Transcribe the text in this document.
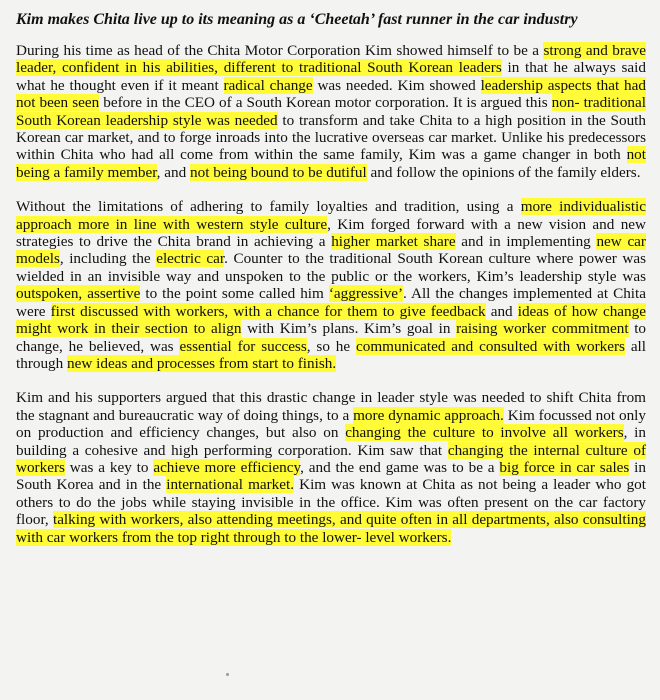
Kim makes Chita live up to its meaning as a ‘Cheetah’ fast runner in the car industry

During his time as head of the Chita Motor Corporation Kim showed himself to be a strong and brave leader, confident in his abilities, different to traditional South Korean leaders in that he always said what he thought even if it meant radical change was needed. Kim showed leadership aspects that had not been seen before in the CEO of a South Korean motor corporation. It is argued this non- traditional South Korean leadership style was needed to transform and take Chita to a high position in the South Korean car market, and to forge inroads into the lucrative overseas car market. Unlike his predecessors within Chita who had all come from within the same family, Kim was a game changer in both not being a family member, and not being bound to be dutiful and follow the opinions of the family elders.

Without the limitations of adhering to family loyalties and tradition, using a more individualistic approach more in line with western style culture, Kim forged forward with a new vision and new strategies to drive the Chita brand in achieving a higher market share and in implementing new car models, including the electric car. Counter to the traditional South Korean culture where power was wielded in an invisible way and unspoken to the public or the workers, Kim’s leadership style was outspoken, assertive to the point some called him ‘aggressive’. All the changes implemented at Chita were first discussed with workers, with a chance for them to give feedback and ideas of how change might work in their section to align with Kim’s plans. Kim’s goal in raising worker commitment to change, he believed, was essential for success, so he communicated and consulted with workers all through new ideas and processes from start to finish.

Kim and his supporters argued that this drastic change in leader style was needed to shift Chita from the stagnant and bureaucratic way of doing things, to a more dynamic approach. Kim focussed not only on production and efficiency changes, but also on changing the culture to involve all workers, in building a cohesive and high performing corporation. Kim saw that changing the internal culture of workers was a key to achieve more efficiency, and the end game was to be a big force in car sales in South Korea and in the international market. Kim was known at Chita as not being a leader who got others to do the jobs while staying invisible in the office. Kim was often present on the car factory floor, talking with workers, also attending meetings, and quite often in all departments, also consulting with car workers from the top right through to the lower- level workers.
